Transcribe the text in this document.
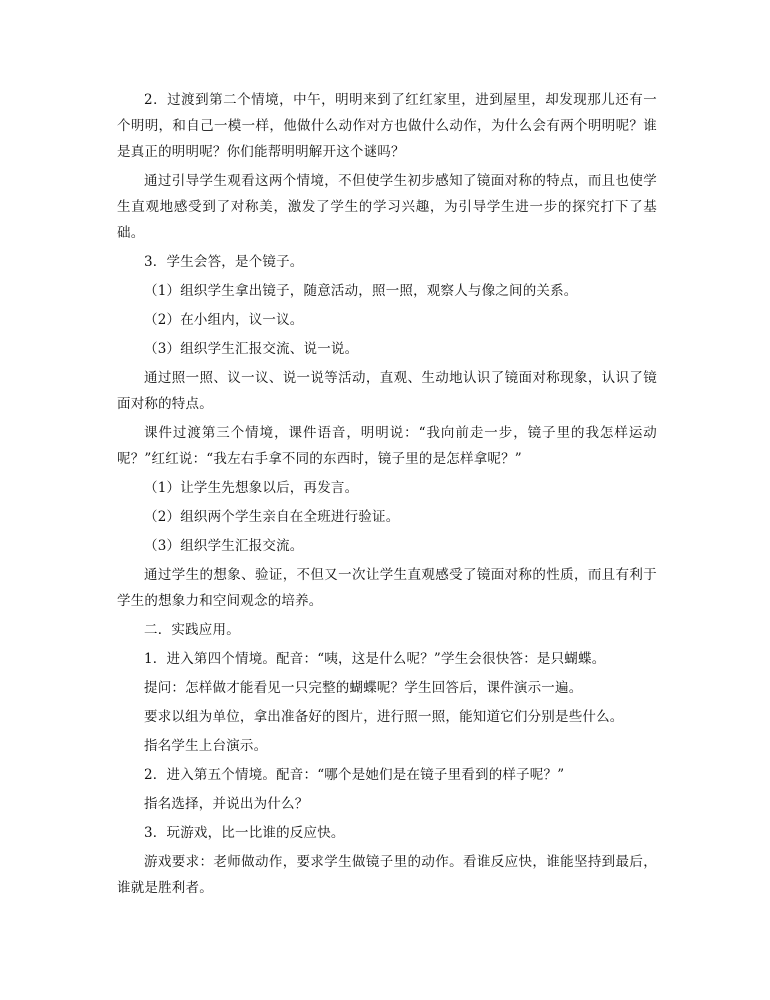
2．过渡到第二个情境，中午，明明来到了红红家里，进到屋里，却发现那儿还有一个明明，和自己一模一样，他做什么动作对方也做什么动作，为什么会有两个明明呢？谁是真正的明明呢？你们能帮明明解开这个谜吗？

通过引导学生观看这两个情境，不但使学生初步感知了镜面对称的特点，而且也使学生直观地感受到了对称美，激发了学生的学习兴趣，为引导学生进一步的探究打下了基础。

3．学生会答，是个镜子。

（1）组织学生拿出镜子，随意活动，照一照，观察人与像之间的关系。

（2）在小组内，议一议。

（3）组织学生汇报交流、说一说。

通过照一照、议一议、说一说等活动，直观、生动地认识了镜面对称现象，认识了镜面对称的特点。

课件过渡第三个情境，课件语音，明明说：“我向前走一步，镜子里的我怎样运动呢？”红红说：“我左右手拿不同的东西时，镜子里的是怎样拿呢？”

（1）让学生先想象以后，再发言。

（2）组织两个学生亲自在全班进行验证。

（3）组织学生汇报交流。

通过学生的想象、验证，不但又一次让学生直观感受了镜面对称的性质，而且有利于学生的想象力和空间观念的培养。

二．实践应用。

1．进入第四个情境。配音：“咦，这是什么呢？”学生会很快答：是只蝴蝶。

提问：怎样做才能看见一只完整的蝴蝶呢？学生回答后，课件演示一遍。

要求以组为单位，拿出准备好的图片，进行照一照，能知道它们分别是些什么。

指名学生上台演示。

2．进入第五个情境。配音：“哪个是她们是在镜子里看到的样子呢？”

指名选择，并说出为什么？

3．玩游戏，比一比谁的反应快。

游戏要求：老师做动作，要求学生做镜子里的动作。看谁反应快，谁能坚持到最后，谁就是胜利者。
